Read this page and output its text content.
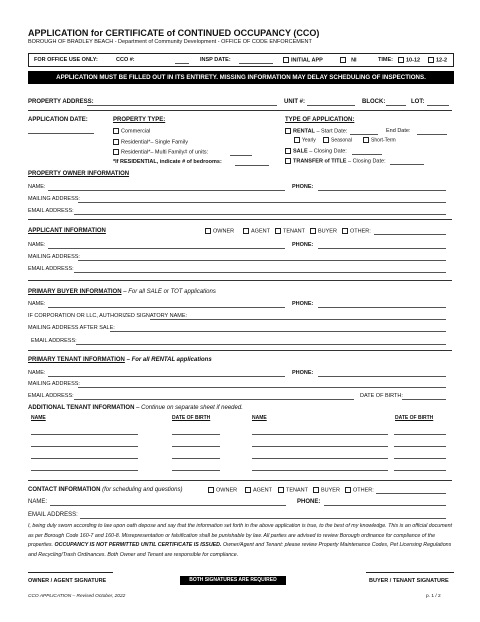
APPLICATION for CERTIFICATE of CONTINUED OCCUPANCY (CCO)
BOROUGH OF BRADLEY BEACH - Department of Community Development - OFFICE OF CODE ENFORCEMENT
FOR OFFICE USE ONLY:	CCO #:	INSP DATE:	INITIAL APP	NI	TIME:	10-12	12-2
APPLICATION MUST BE FILLED OUT IN ITS ENTIRETY. MISSING INFORMATION MAY DELAY SCHEDULING OF INSPECTIONS.
PROPERTY ADDRESS:	UNIT #:	BLOCK:	LOT:
APPLICATION DATE:	PROPERTY TYPE:
Commercial
Residential*– Single Family
Residential*– Multi Family# of units:
*If RESIDENTIAL, indicate # of bedrooms:
TYPE OF APPLICATION:
RENTAL – Start Date:	End Date:
Yearly	Seasonal	Short-Term
SALE – Closing Date:
TRANSFER of TITLE – Closing Date:
PROPERTY OWNER INFORMATION
NAME:	PHONE:
MAILING ADDRESS:
EMAIL ADDRESS:
APPLICANT INFORMATION	OWNER	AGENT	TENANT	BUYER	OTHER:
NAME:	PHONE:
MAILING ADDRESS:
EMAIL ADDRESS:
PRIMARY BUYER INFORMATION – For all SALE or TOT applications
NAME:	PHONE:
IF CORPORATION OR LLC, AUTHORIZED SIGNATORY NAME:
MAILING ADDRESS AFTER SALE:
EMAIL ADDRESS:
PRIMARY TENANT INFORMATION – For all RENTAL applications
NAME:	PHONE:
MAILING ADDRESS:
EMAIL ADDRESS:	DATE OF BIRTH:
ADDITIONAL TENANT INFORMATION – Continue on separate sheet if needed.
NAME	DATE OF BIRTH	NAME	DATE OF BIRTH
CONTACT INFORMATION (for scheduling and questions)	OWNER	AGENT	TENANT	BUYER	OTHER:
NAME:	PHONE:
EMAIL ADDRESS:
I, being duly sworn according to law upon oath depose and say that the information set forth in the above application is true, to the best of my knowledge. This is an official document as per Borough Code 160-7 and 160-8. Misrepresentation or falsification shall be punishable by law. All parties are advised to review Borough ordinance for compliance of the properties. OCCUPANCY IS NOT PERMITTED UNTIL CERTIFICATE IS ISSUED. Owner/Agent and Tenant: please review Property Maintenance Codes, Pet Licensing Regulations and Recycling/Trash Ordinances. Both Owner and Tenant are responsible for compliance.
OWNER / AGENT SIGNATURE	BOTH SIGNATURES ARE REQUIRED	BUYER / TENANT SIGNATURE
CCO APPLICATION – Revised October, 2022	p. 1 / 2
